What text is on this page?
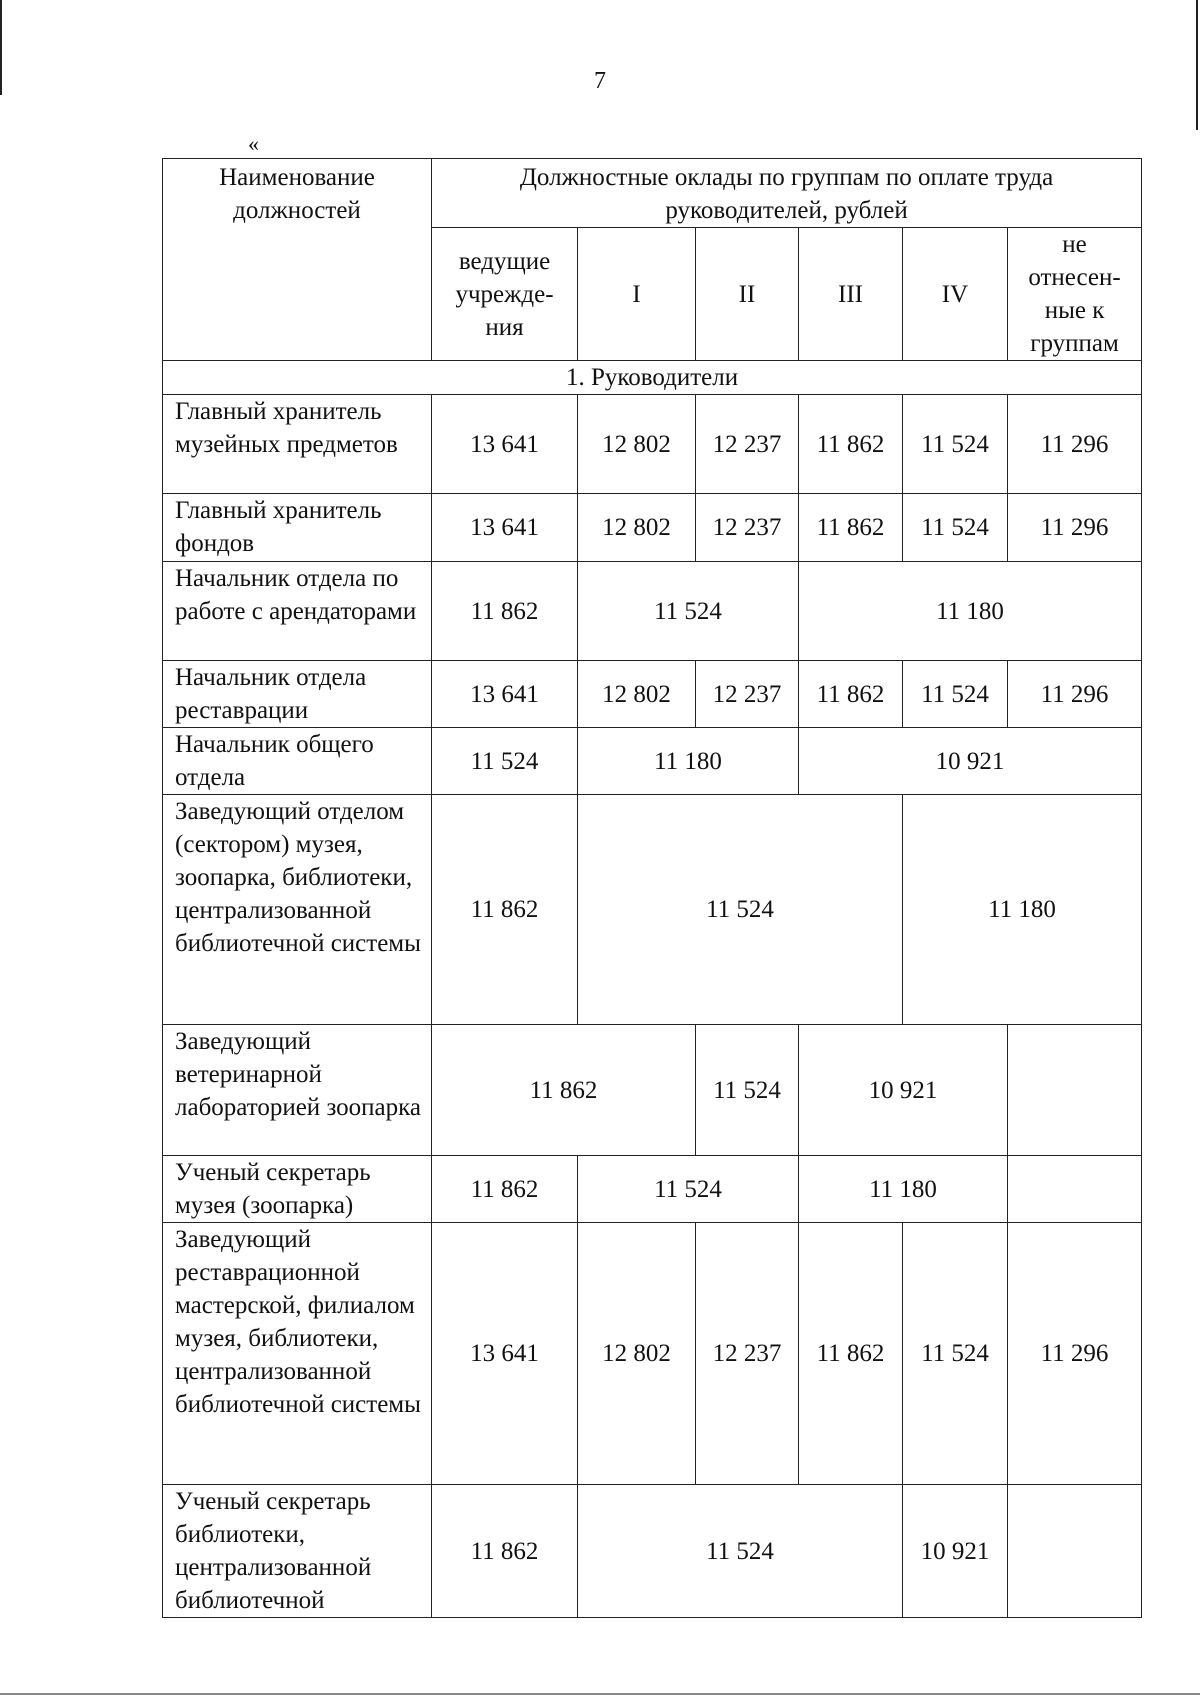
7
«
Наименование должностей	Должностные оклады по группам по оплате труда руководителей, рублей					
	ведущие учрежде-ния	I	II	III	IV	не отнесен-ные к группам
1. Руководители						
Главный хранитель музейных предметов	13 641	12 802	12 237	11 862	11 524	11 296
Главный хранитель фондов	13 641	12 802	12 237	11 862	11 524	11 296
Начальник отдела по работе с арендаторами	11 862	11 524		11 180		
Начальник отдела реставрации	13 641	12 802	12 237	11 862	11 524	11 296
Начальник общего отдела	11 524	11 180		10 921		
Заведующий отделом (сектором) музея, зоопарка, библиотеки, централизованной библиотечной системы	11 862	11 524			11 180	
Заведующий ветеринарной лабораторией зоопарка	11 862		11 524	10 921		
Ученый секретарь музея (зоопарка)	11 862	11 524		11 180		
Заведующий реставрационной мастерской, филиалом музея, библиотеки, централизованной библиотечной системы	13 641	12 802	12 237	11 862	11 524	11 296
Ученый секретарь библиотеки, централизованной библиотечной	11 862	11 524			10 921	
